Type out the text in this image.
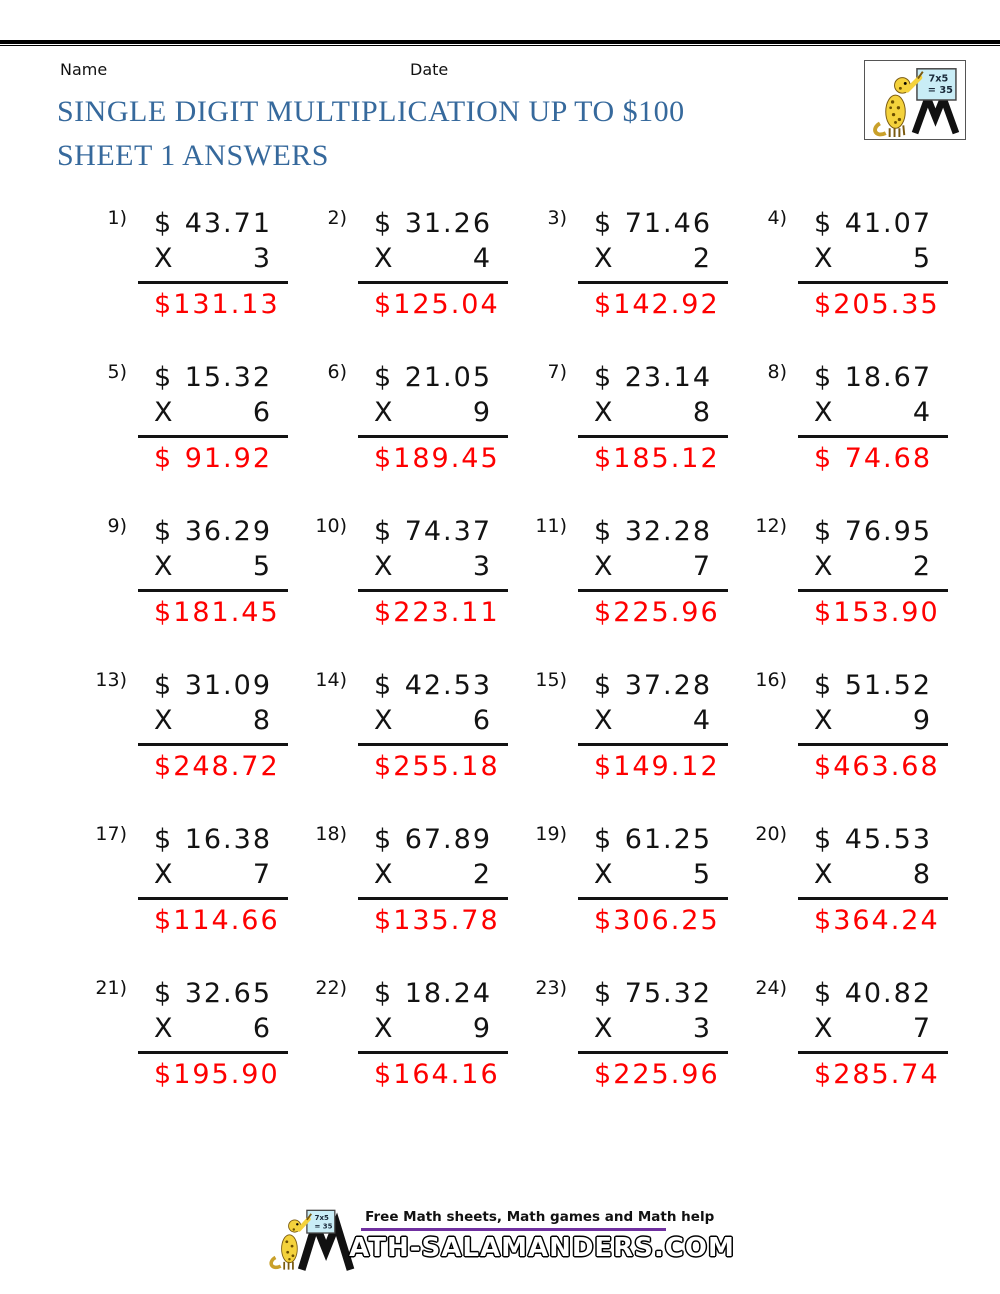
Name	Date	7x5
= 35
SINGLE DIGIT MULTIPLICATION UP TO $100
SHEET 1 ANSWERS
1)	$ 43.71
X	3
$ 131.13
2)	$ 31.26
X	4
$ 125.04
3)	$ 71.46
X	2
$ 142.92
4)	$ 41.07
X	5
$ 205.35
5)	$ 15.32
X	6
$ 91.92
6)	$ 21.05
X	9
$ 189.45
7)	$ 23.14
X	8
$ 185.12
8)	$ 18.67
X	4
$ 74.68
9)	$ 36.29
X	5
$ 181.45
10)	$ 74.37
X	3
$ 223.11
11)	$ 32.28
X	7
$ 225.96
12)	$ 76.95
X	2
$ 153.90
13)	$ 31.09
X	8
$ 248.72
14)	$ 42.53
X	6
$ 255.18
15)	$ 37.28
X	4
$ 149.12
16)	$ 51.52
X	9
$ 463.68
17)	$ 16.38
X	7
$ 114.66
18)	$ 67.89
X	2
$ 135.78
19)	$ 61.25
X	5
$ 306.25
20)	$ 45.53
X	8
$ 364.24
21)	$ 32.65
X	6
$ 195.90
22)	$ 18.24
X	9
$ 164.16
23)	$ 75.32
X	3
$ 225.96
24)	$ 40.82
X	7
$ 285.74
7x5
= 35
Free Math sheets, Math games and Math help
ATH-SALAMANDERS.COM
